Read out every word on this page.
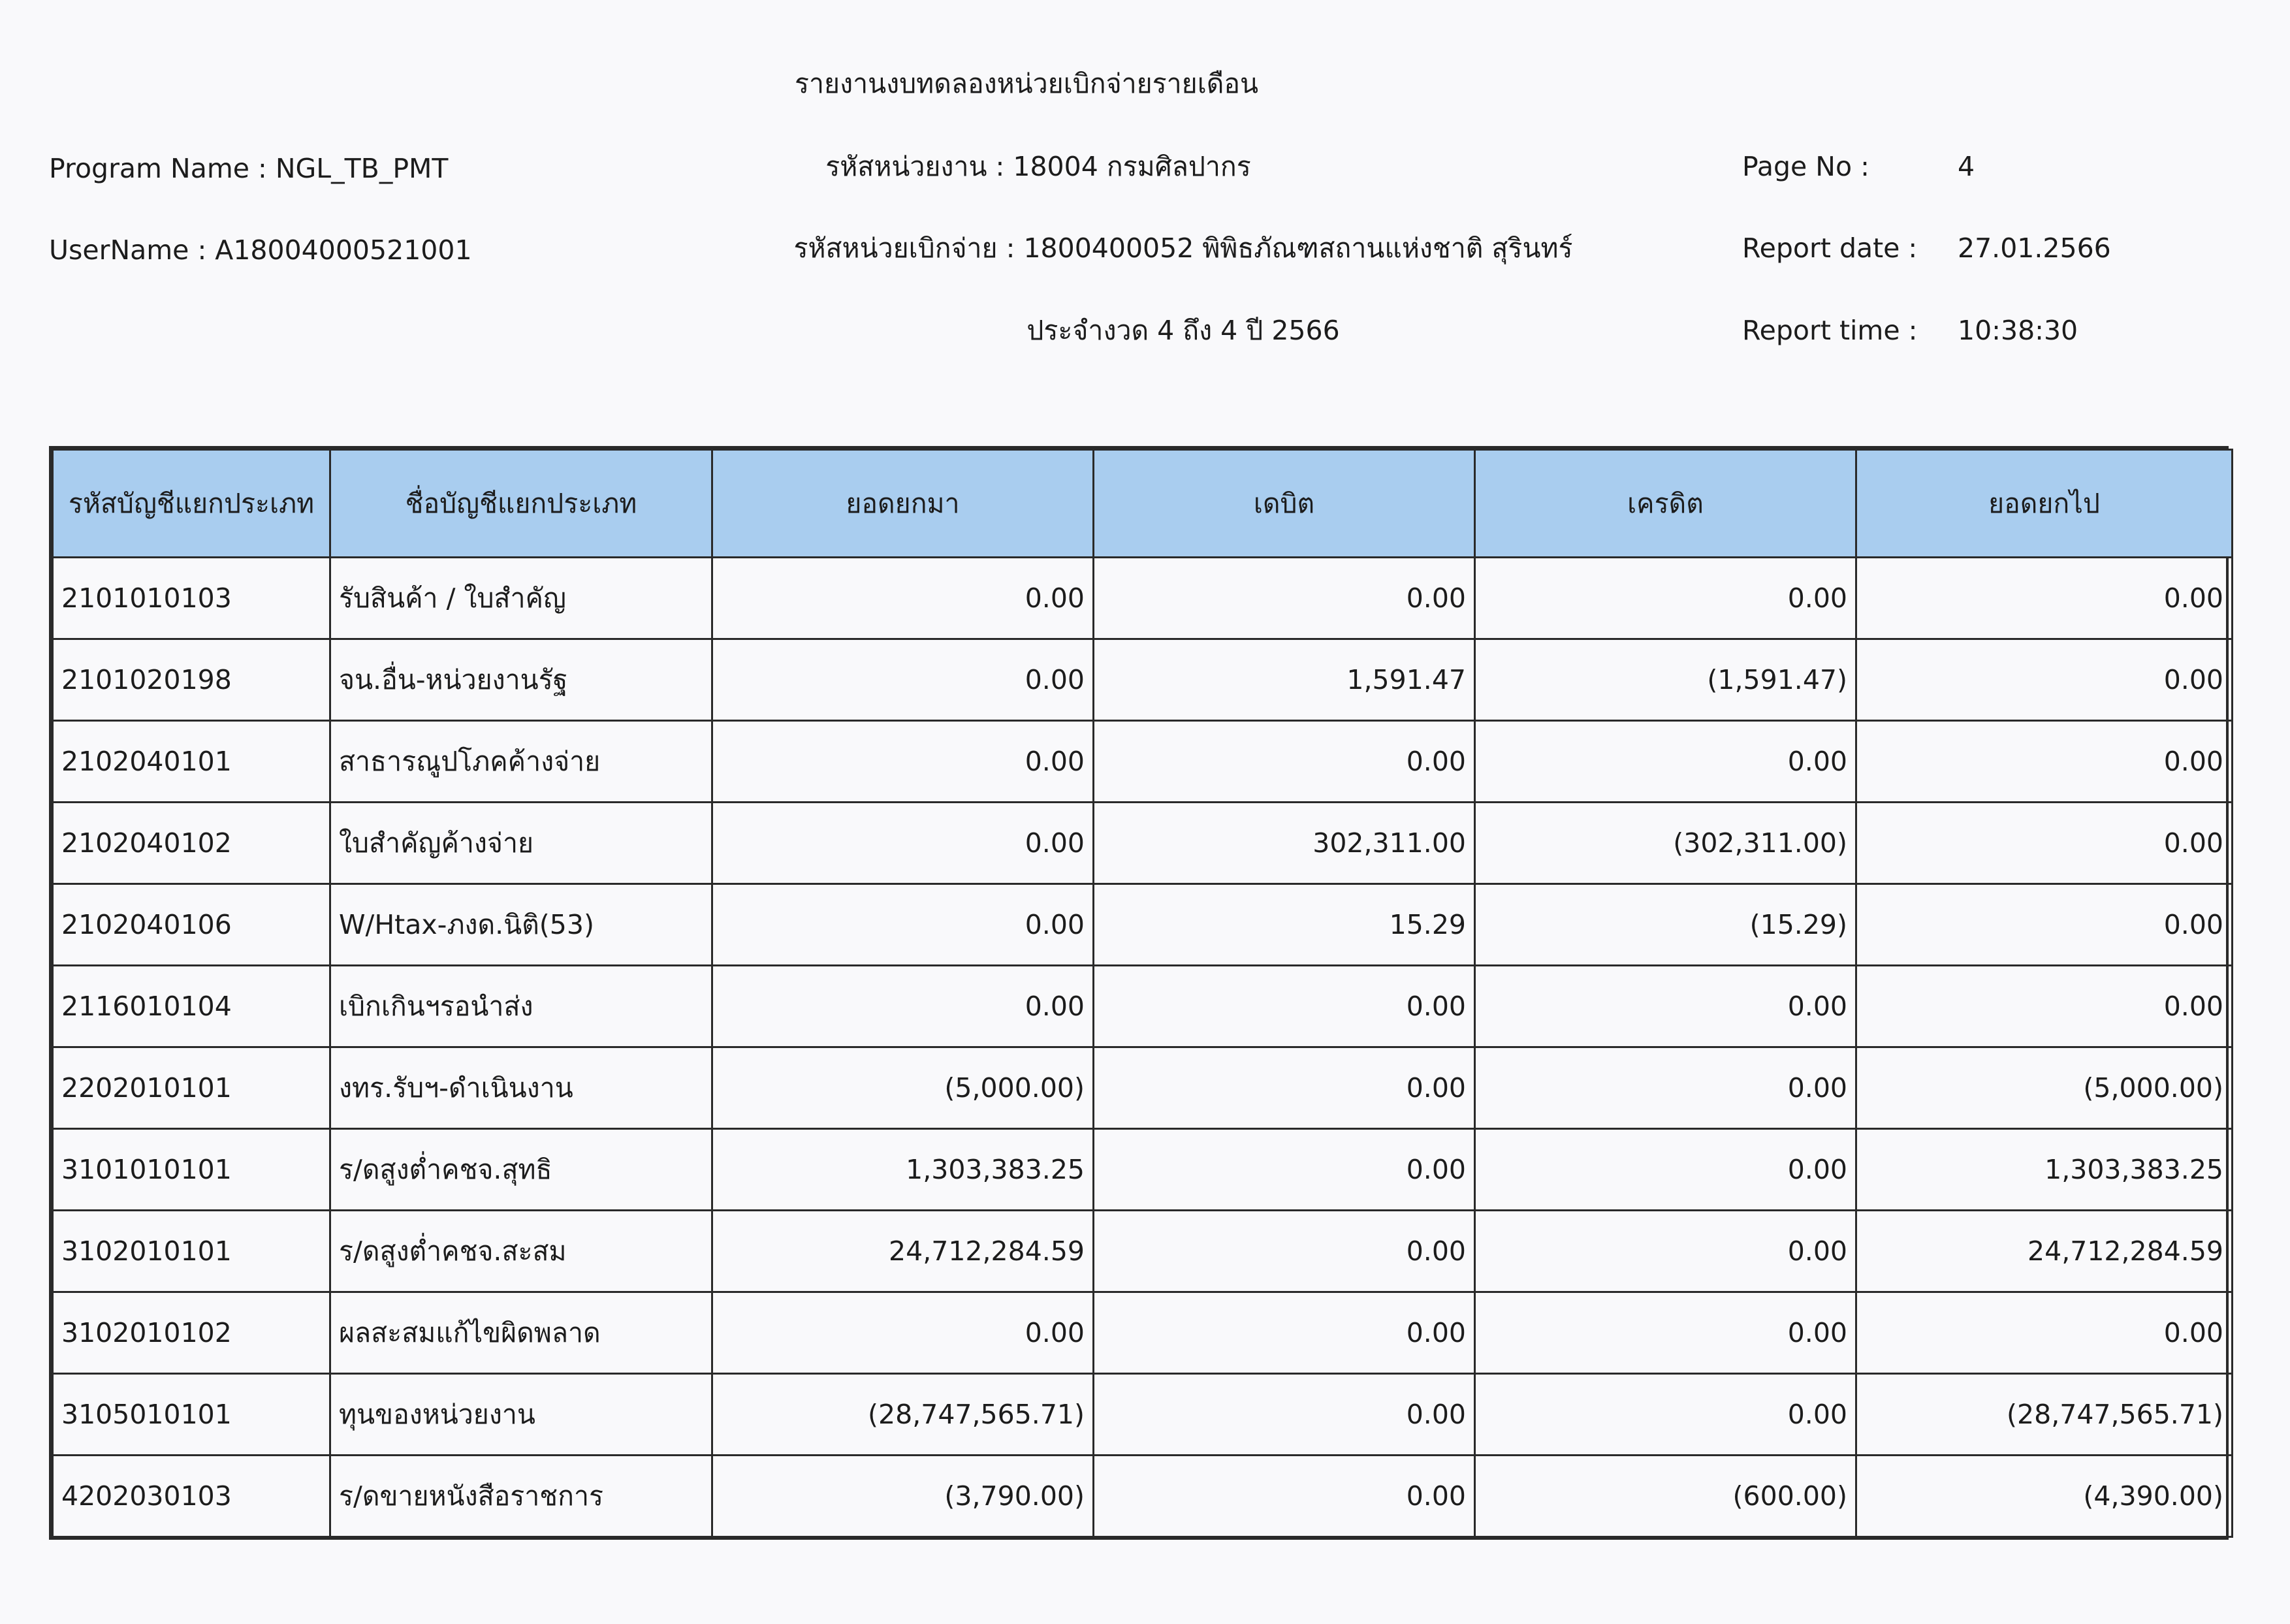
รายงานงบทดลองหน่วยเบิกจ่ายรายเดือน
Program Name : NGL_TB_PMT	รหัสหน่วยงาน : 18004 กรมศิลปากร	Page No :	4
UserName : A18004000521001	รหัสหน่วยเบิกจ่าย : 1800400052 พิพิธภัณฑสถานแห่งชาติ สุรินทร์	Report date : 27.01.2566
ประจำงวด 4 ถึง 4 ปี 2566	Report time : 10:38:30
รหัสบัญชีแยกประเภท	ชื่อบัญชีแยกประเภท	ยอดยกมา	เดบิต	เครดิต	ยอดยกไป
2101010103	รับสินค้า / ใบสำคัญ	0.00	0.00	0.00	0.00
2101020198	จน.อื่น-หน่วยงานรัฐ	0.00	1,591.47	(1,591.47)	0.00
2102040101	สาธารณูปโภคค้างจ่าย	0.00	0.00	0.00	0.00
2102040102	ใบสำคัญค้างจ่าย	0.00	302,311.00	(302,311.00)	0.00
2102040106	W/Htax-ภงด.นิติ(53)	0.00	15.29	(15.29)	0.00
2116010104	เบิกเกินฯรอนำส่ง	0.00	0.00	0.00	0.00
2202010101	งทร.รับฯ-ดำเนินงาน	(5,000.00)	0.00	0.00	(5,000.00)
3101010101	ร/ดสูงต่ำคชจ.สุทธิ	1,303,383.25	0.00	0.00	1,303,383.25
3102010101	ร/ดสูงต่ำคชจ.สะสม	24,712,284.59	0.00	0.00	24,712,284.59
3102010102	ผลสะสมแก้ไขผิดพลาด	0.00	0.00	0.00	0.00
3105010101	ทุนของหน่วยงาน	(28,747,565.71)	0.00	0.00	(28,747,565.71)
4202030103	ร/ดขายหนังสือราชการ	(3,790.00)	0.00	(600.00)	(4,390.00)
